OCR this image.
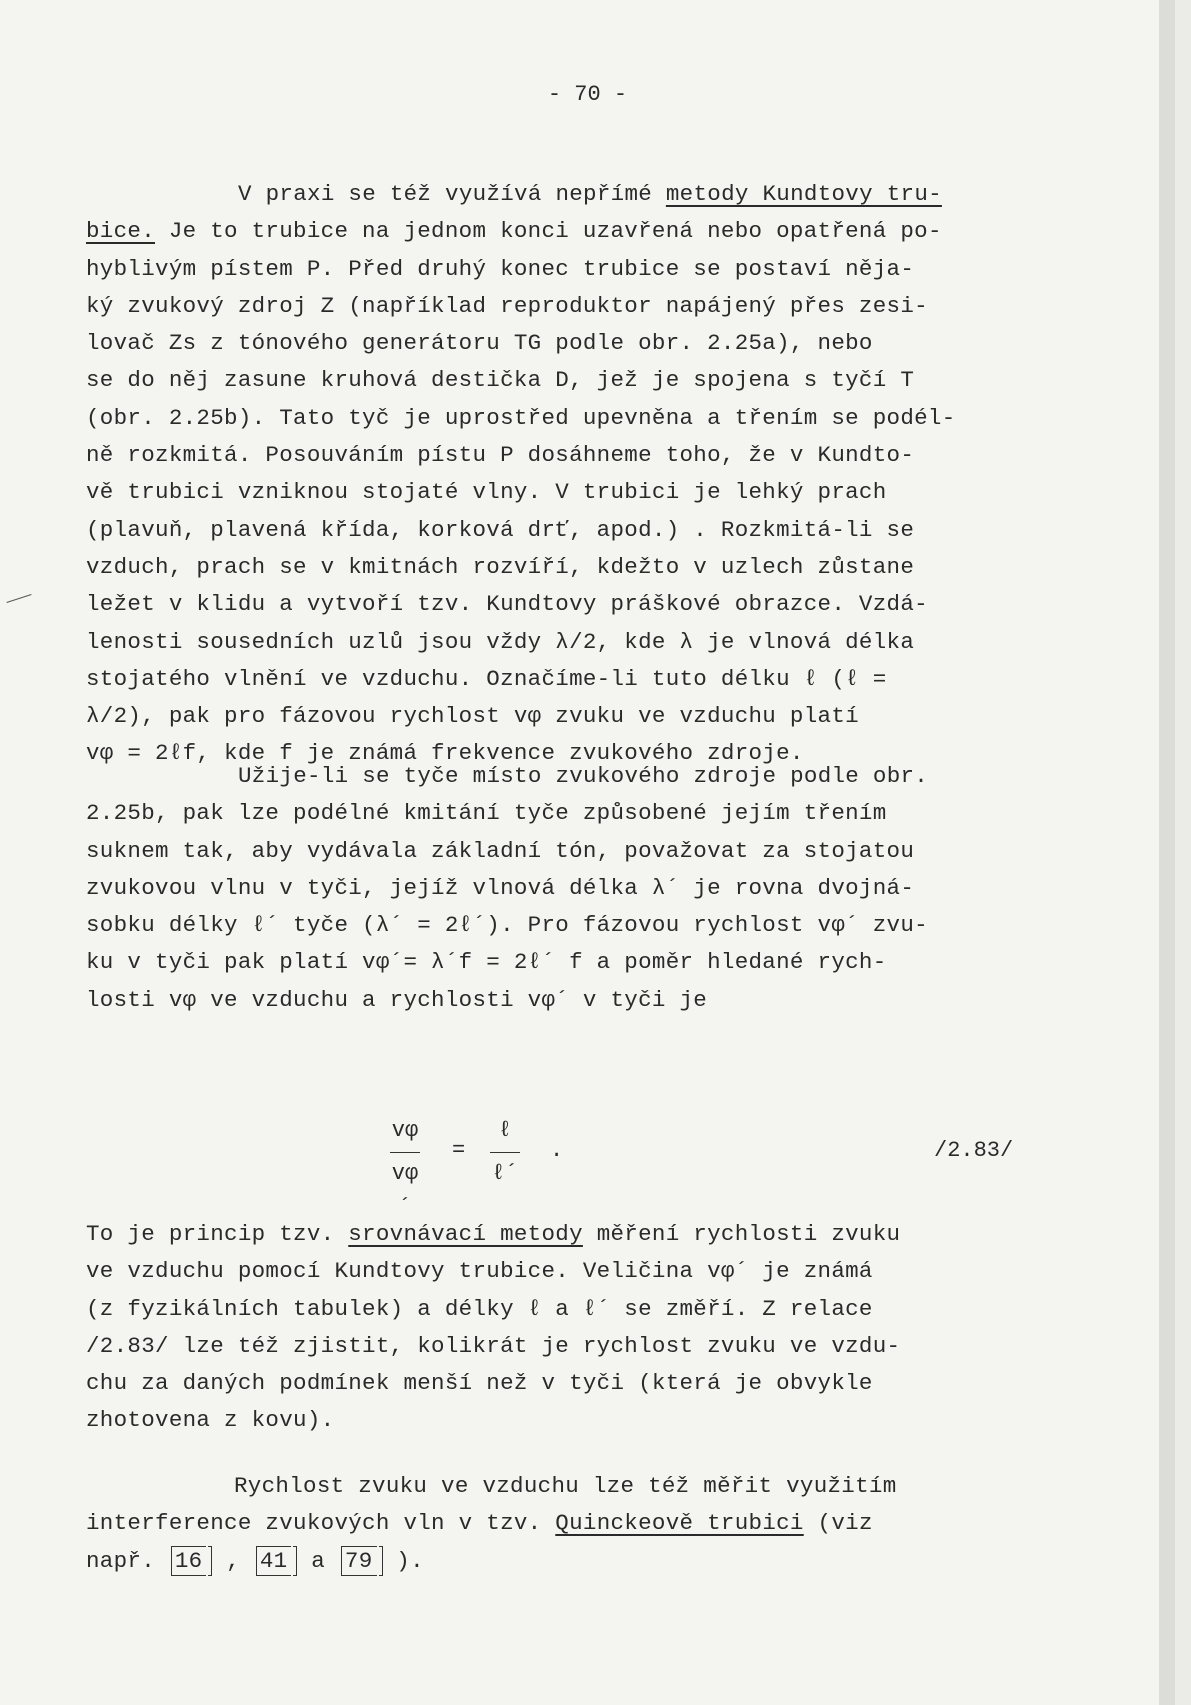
- 70 -
V praxi se též využívá nepřímé metody Kundtovy tru-
bice. Je to trubice na jednom konci uzavřená nebo opatřená po-
hyblivým pístem P. Před druhý konec trubice se postaví něja-
ký zvukový zdroj Z (například reproduktor napájený přes zesi-
lovač Zs z tónového generátoru TG podle obr. 2.25a), nebo
se do něj zasune kruhová destička D, jež je spojena s tyčí T
(obr. 2.25b). Tato tyč je uprostřed upevněna a třením se podél-
ně rozkmitá. Posouváním pístu P dosáhneme toho, že v Kundto-
vě trubici vzniknou stojaté vlny. V trubici je lehký prach
(plavuň, plavená křída, korková drť, apod.) . Rozkmitá-li se
vzduch, prach se v kmitnách rozvíří, kdežto v uzlech zůstane
ležet v klidu a vytvoří tzv. Kundtovy práškové obrazce. Vzdá-
lenosti sousedních uzlů jsou vždy λ/2, kde λ je vlnová délka
stojatého vlnění ve vzduchu. Označíme-li tuto délku ℓ (ℓ =
λ/2), pak pro fázovou rychlost vφ zvuku ve vzduchu platí
vφ = 2ℓf, kde f je známá frekvence zvukového zdroje.
Užije-li se tyče místo zvukového zdroje podle obr.
2.25b, pak lze podélné kmitání tyče způsobené jejím třením
suknem tak, aby vydávala základní tón, považovat za stojatou
zvukovou vlnu v tyči, jejíž vlnová délka λ´ je rovna dvojná-
sobku délky ℓ´ tyče (λ´ = 2ℓ´). Pro fázovou rychlost vφ´ zvu-
ku v tyči pak platí vφ´= λ´f = 2ℓ´ f a poměr hledané rych-
losti vφ ve vzduchu a rychlosti vφ´ v tyči je
vφ
vφ´
=
ℓ
ℓ´
.	/2.83/
To je princip tzv. srovnávací metody měření rychlosti zvuku
ve vzduchu pomocí Kundtovy trubice. Veličina vφ´ je známá
(z fyzikálních tabulek) a délky ℓ a ℓ´ se změří. Z relace
/2.83/ lze též zjistit, kolikrát je rychlost zvuku ve vzdu-
chu za daných podmínek menší než v tyči (která je obvykle
zhotovena z kovu).
Rychlost zvuku ve vzduchu lze též měřit využitím
interference zvukových vln v tzv. Quinckeově trubici (viz
např. 16 , 41 a 79 ).
